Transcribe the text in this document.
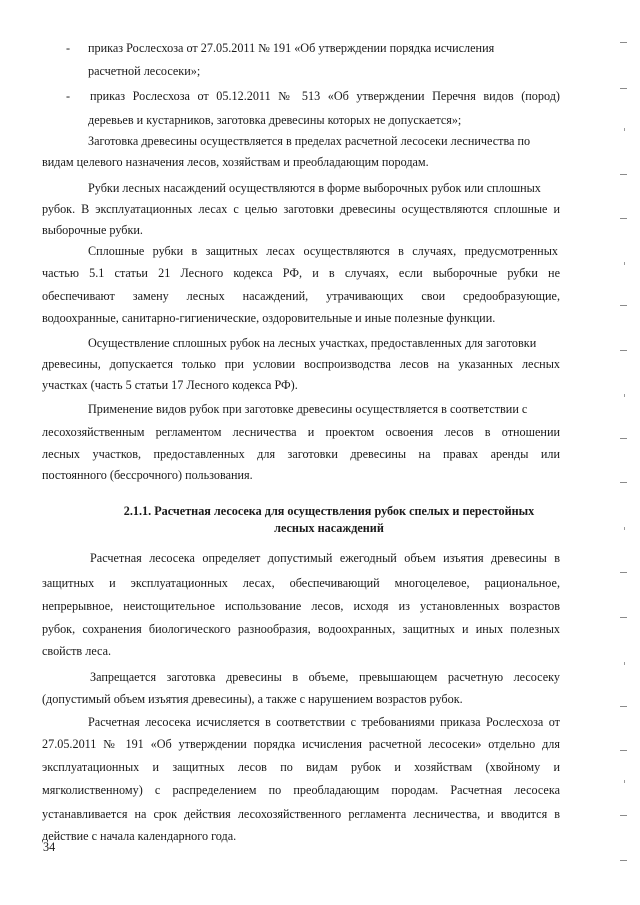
- приказ Рослесхоза от 27.05.2011 № 191 «Об утверждении порядка исчисления
расчетной лесосеки»;
- приказ Рослесхоза от 05.12.2011 № 513 «Об утверждении Перечня видов (пород)
деревьев и кустарников, заготовка древесины которых не допускается»;
Заготовка древесины осуществляется в пределах расчетной лесосеки лесничества по
видам целевого назначения лесов, хозяйствам и преобладающим породам.
Рубки лесных насаждений осуществляются в форме выборочных рубок или сплошных
рубок. В эксплуатационных лесах с целью заготовки древесины осуществляются сплошные и
выборочные рубки.
Сплошные рубки в защитных лесах осуществляются в случаях, предусмотренных
частью 5.1 статьи 21 Лесного кодекса РФ, и в случаях, если выборочные рубки не
обеспечивают замену лесных насаждений, утрачивающих свои средообразующие,
водоохранные, санитарно-гигиенические, оздоровительные и иные полезные функции.
Осуществление сплошных рубок на лесных участках, предоставленных для заготовки
древесины, допускается только при условии воспроизводства лесов на указанных лесных
участках (часть 5 статьи 17 Лесного кодекса РФ).
Применение видов рубок при заготовке древесины осуществляется в соответствии с
лесохозяйственным регламентом лесничества и проектом освоения лесов в отношении
лесных участков, предоставленных для заготовки древесины на правах аренды или
постоянного (бессрочного) пользования.
2.1.1. Расчетная лесосека для осуществления рубок спелых и перестойных
лесных насаждений
Расчетная лесосека определяет допустимый ежегодный объем изъятия древесины в
защитных и эксплуатационных лесах, обеспечивающий многоцелевое, рациональное,
непрерывное, неистощительное использование лесов, исходя из установленных возрастов
рубок, сохранения биологического разнообразия, водоохранных, защитных и иных полезных
свойств леса.
Запрещается заготовка древесины в объеме, превышающем расчетную лесосеку
(допустимый объем изъятия древесины), а также с нарушением возрастов рубок.
Расчетная лесосека исчисляется в соответствии с требованиями приказа Рослесхоза от
27.05.2011 № 191 «Об утверждении порядка исчисления расчетной лесосеки» отдельно для
эксплуатационных и защитных лесов по видам рубок и хозяйствам (хвойному и
мягколиственному) с распределением по преобладающим породам. Расчетная лесосека
устанавливается на срок действия лесохозяйственного регламента лесничества, и вводится в
действие с начала календарного года.
34
